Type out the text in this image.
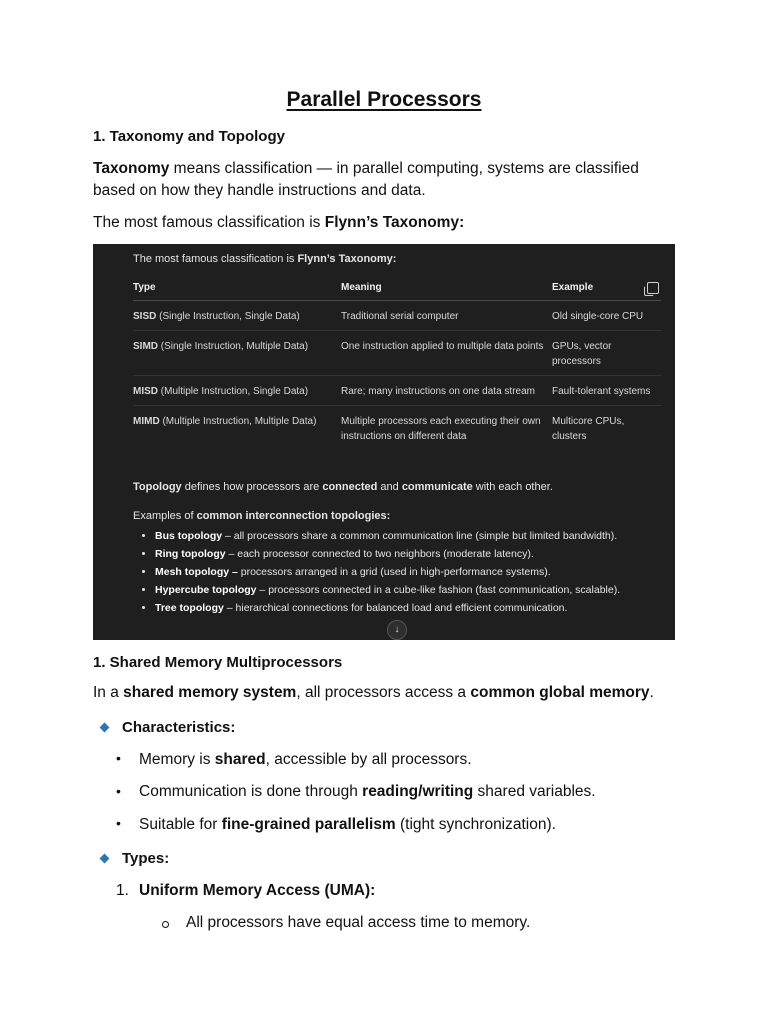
Parallel Processors
1. Taxonomy and Topology
Taxonomy means classification — in parallel computing, systems are classified based on how they handle instructions and data.
The most famous classification is Flynn’s Taxonomy:
The most famous classification is Flynn’s Taxonomy:
Type	Meaning	Example
SISD (Single Instruction, Single Data)	Traditional serial computer	Old single-core CPU
SIMD (Single Instruction, Multiple Data)	One instruction applied to multiple data points	GPUs, vector processors
MISD (Multiple Instruction, Single Data)	Rare; many instructions on one data stream	Fault-tolerant systems
MIMD (Multiple Instruction, Multiple Data)	Multiple processors each executing their own instructions on different data	Multicore CPUs, clusters
Topology defines how processors are connected and communicate with each other.
Examples of common interconnection topologies:
• Bus topology – all processors share a common communication line (simple but limited bandwidth).
• Ring topology – each processor connected to two neighbors (moderate latency).
• Mesh topology – processors arranged in a grid (used in high-performance systems).
• Hypercube topology – processors connected in a cube-like fashion (fast communication, scalable).
• Tree topology – hierarchical connections for balanced load and efficient communication.
↓
1. Shared Memory Multiprocessors
In a shared memory system, all processors access a common global memory.
Characteristics:
• Memory is shared, accessible by all processors.
• Communication is done through reading/writing shared variables.
• Suitable for fine-grained parallelism (tight synchronization).
Types:
1. Uniform Memory Access (UMA):
All processors have equal access time to memory.
